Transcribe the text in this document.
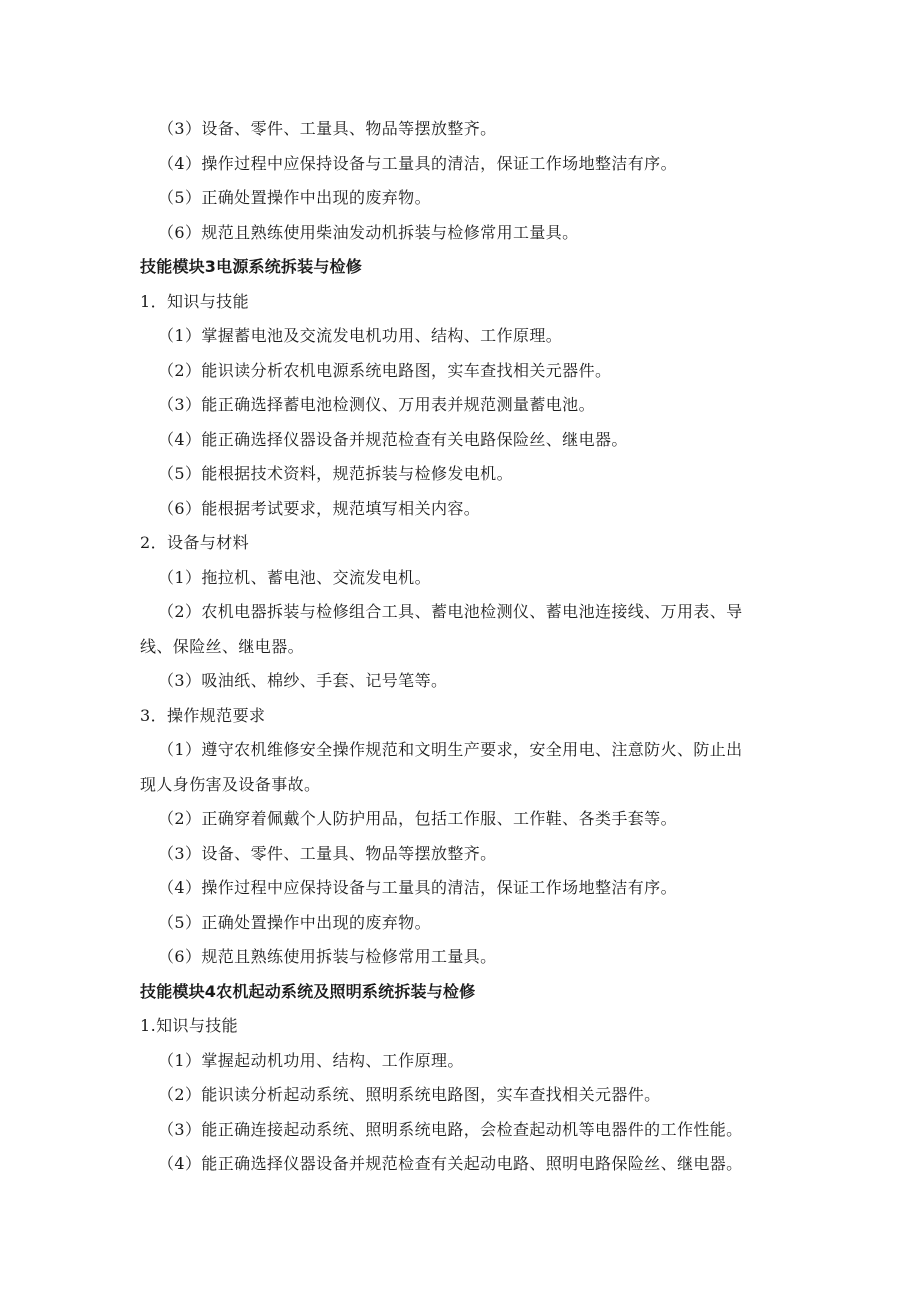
（3）设备、零件、工量具、物品等摆放整齐。
（4）操作过程中应保持设备与工量具的清洁，保证工作场地整洁有序。
（5）正确处置操作中出现的废弃物。
（6）规范且熟练使用柴油发动机拆装与检修常用工量具。
技能模块3电源系统拆装与检修
1．知识与技能
（1）掌握蓄电池及交流发电机功用、结构、工作原理。
（2）能识读分析农机电源系统电路图，实车查找相关元器件。
（3）能正确选择蓄电池检测仪、万用表并规范测量蓄电池。
（4）能正确选择仪器设备并规范检查有关电路保险丝、继电器。
（5）能根据技术资料，规范拆装与检修发电机。
（6）能根据考试要求，规范填写相关内容。
2．设备与材料
（1）拖拉机、蓄电池、交流发电机。
（2）农机电器拆装与检修组合工具、蓄电池检测仪、蓄电池连接线、万用表、导
线、保险丝、继电器。
（3）吸油纸、棉纱、手套、记号笔等。
3．操作规范要求
（1）遵守农机维修安全操作规范和文明生产要求，安全用电、注意防火、防止出
现人身伤害及设备事故。
（2）正确穿着佩戴个人防护用品，包括工作服、工作鞋、各类手套等。
（3）设备、零件、工量具、物品等摆放整齐。
（4）操作过程中应保持设备与工量具的清洁，保证工作场地整洁有序。
（5）正确处置操作中出现的废弃物。
（6）规范且熟练使用拆装与检修常用工量具。
技能模块4农机起动系统及照明系统拆装与检修
1.知识与技能
（1）掌握起动机功用、结构、工作原理。
（2）能识读分析起动系统、照明系统电路图，实车查找相关元器件。
（3）能正确连接起动系统、照明系统电路，会检查起动机等电器件的工作性能。
（4）能正确选择仪器设备并规范检查有关起动电路、照明电路保险丝、继电器。
